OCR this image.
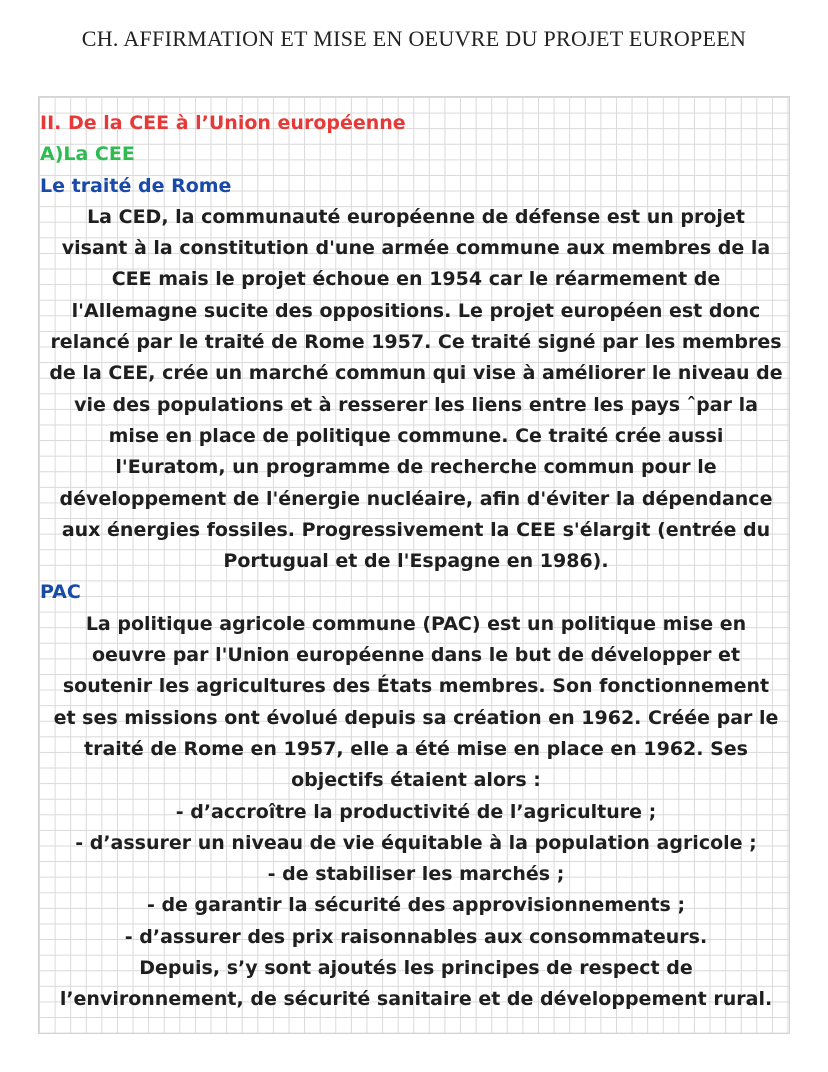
CH. AFFIRMATION ET MISE EN OEUVRE DU PROJET EUROPEEN
II. De la CEE à l’Union européenne
A)La CEE
Le traité de Rome
La CED, la communauté européenne de défense est un projet
visant à la constitution d'une armée commune aux membres de la
CEE mais le projet échoue en 1954 car le réarmement de
l'Allemagne sucite des oppositions. Le projet européen est donc
relancé par le traité de Rome 1957. Ce traité signé par les membres
de la CEE, crée un marché commun qui vise à améliorer le niveau de
vie des populations et à resserer les liens entre les pays ˆpar la
mise en place de politique commune. Ce traité crée aussi
l'Euratom, un programme de recherche commun pour le
développement de l'énergie nucléaire, afin d'éviter la dépendance
aux énergies fossiles. Progressivement la CEE s'élargit (entrée du
Portugual et de l'Espagne en 1986).
PAC
La politique agricole commune (PAC) est un politique mise en
oeuvre par l'Union européenne dans le but de développer et
soutenir les agricultures des États membres. Son fonctionnement
et ses missions ont évolué depuis sa création en 1962. Créée par le
traité de Rome en 1957, elle a été mise en place en 1962. Ses
objectifs étaient alors :
- d’accroître la productivité de l’agriculture ;
- d’assurer un niveau de vie équitable à la population agricole ;
- de stabiliser les marchés ;
- de garantir la sécurité des approvisionnements ;
- d’assurer des prix raisonnables aux consommateurs.
Depuis, s’y sont ajoutés les principes de respect de
l’environnement, de sécurité sanitaire et de développement rural.
